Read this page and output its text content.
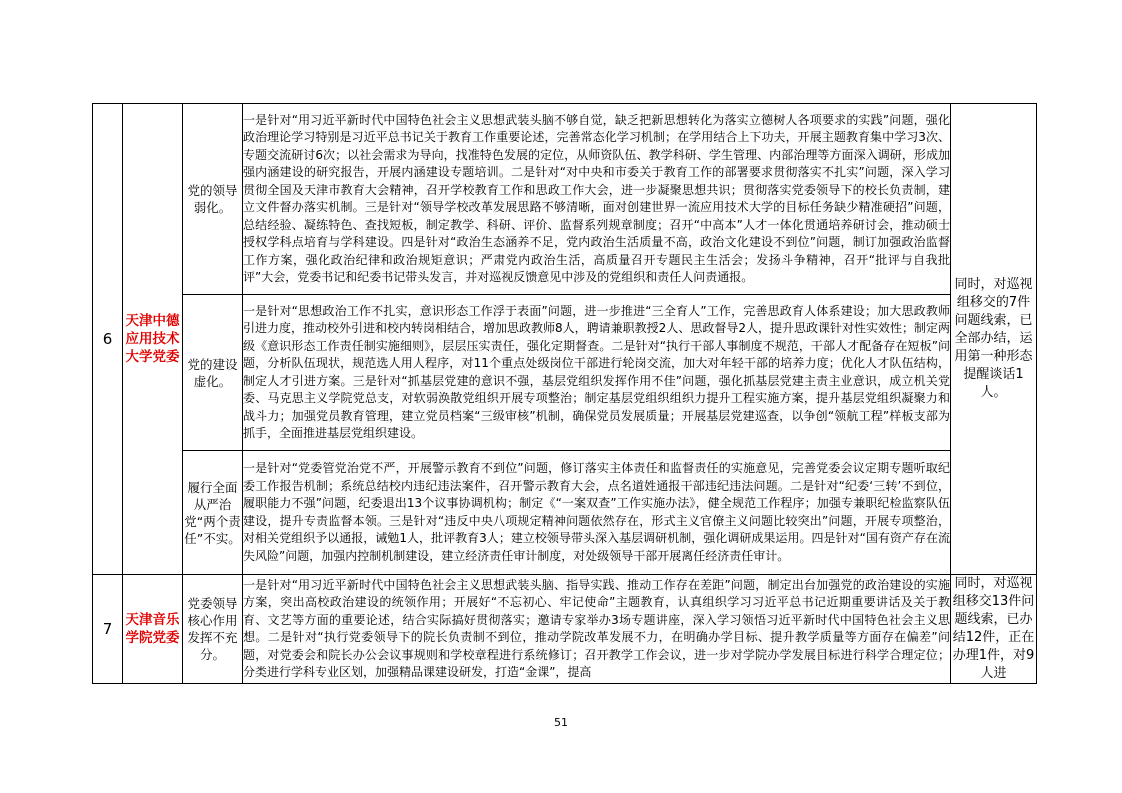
6	天津中德应用技术大学党委	党的领导弱化。	一是针对“用习近平新时代中国特色社会主义思想武装头脑不够自觉，缺乏把新思想转化为落实立德树人各项要求的实践”问题，强化政治理论学习特别是习近平总书记关于教育工作重要论述，完善常态化学习机制；在学用结合上下功夫，开展主题教育集中学习3次、专题交流研讨6次；以社会需求为导向，找准特色发展的定位，从师资队伍、教学科研、学生管理、内部治理等方面深入调研，形成加强内涵建设的研究报告，开展内涵建设专题培训。二是针对“对中央和市委关于教育工作的部署要求贯彻落实不扎实”问题，深入学习贯彻全国及天津市教育大会精神，召开学校教育工作和思政工作大会，进一步凝聚思想共识；贯彻落实党委领导下的校长负责制，建立文件督办落实机制。三是针对“领导学校改革发展思路不够清晰，面对创建世界一流应用技术大学的目标任务缺少精准硬招”问题，总结经验、凝练特色、查找短板，制定教学、科研、评价、监督系列规章制度；召开“中高本”人才一体化贯通培养研讨会，推动硕士授权学科点培育与学科建设。四是针对“政治生态涵养不足，党内政治生活质量不高，政治文化建设不到位”问题，制订加强政治监督工作方案，强化政治纪律和政治规矩意识；严肃党内政治生活，高质量召开专题民主生活会；发扬斗争精神，召开“批评与自我批评”大会，党委书记和纪委书记带头发言，并对巡视反馈意见中涉及的党组织和责任人问责通报。	同时，对巡视组移交的7件问题线索，已全部办结，运用第一种形态提醒谈话1人。
		党的建设虚化。	一是针对“思想政治工作不扎实，意识形态工作浮于表面”问题，进一步推进“三全育人”工作，完善思政育人体系建设；加大思政教师引进力度，推动校外引进和校内转岗相结合，增加思政教师8人，聘请兼职教授2人、思政督导2人，提升思政课针对性实效性；制定两级《意识形态工作责任制实施细则》，层层压实责任，强化定期督查。二是针对“执行干部人事制度不规范，干部人才配备存在短板”问题，分析队伍现状，规范选人用人程序，对11个重点处级岗位干部进行轮岗交流，加大对年轻干部的培养力度；优化人才队伍结构，制定人才引进方案。三是针对“抓基层党建的意识不强，基层党组织发挥作用不佳”问题，强化抓基层党建主责主业意识，成立机关党委、马克思主义学院党总支，对软弱涣散党组织开展专项整治；制定基层党组织组织力提升工程实施方案，提升基层党组织凝聚力和战斗力；加强党员教育管理，建立党员档案“三级审核”机制，确保党员发展质量；开展基层党建巡查，以争创“领航工程”样板支部为抓手，全面推进基层党组织建设。	
		履行全面从严治党“两个责任”不实。	一是针对“党委管党治党不严，开展警示教育不到位”问题，修订落实主体责任和监督责任的实施意见，完善党委会议定期专题听取纪委工作报告机制；系统总结校内违纪违法案件，召开警示教育大会，点名道姓通报干部违纪违法问题。二是针对“纪委‘三转’不到位，履职能力不强”问题，纪委退出13个议事协调机构；制定《“一案双查”工作实施办法》，健全规范工作程序；加强专兼职纪检监察队伍建设，提升专责监督本领。三是针对“违反中央八项规定精神问题依然存在，形式主义官僚主义问题比较突出”问题，开展专项整治，对相关党组织予以通报，诫勉1人，批评教育3人；建立校领导带头深入基层调研机制，强化调研成果运用。四是针对“国有资产存在流失风险”问题，加强内控制机制建设，建立经济责任审计制度，对处级领导干部开展离任经济责任审计。	
7	天津音乐学院党委	党委领导核心作用发挥不充分。	一是针对“用习近平新时代中国特色社会主义思想武装头脑、指导实践、推动工作存在差距”问题，制定出台加强党的政治建设的实施方案，突出高校政治建设的统领作用；开展好“不忘初心、牢记使命”主题教育，认真组织学习习近平总书记近期重要讲话及关于教育、文艺等方面的重要论述，结合实际搞好贯彻落实；邀请专家举办3场专题讲座，深入学习领悟习近平新时代中国特色社会主义思想。二是针对“执行党委领导下的院长负责制不到位，推动学院改革发展不力，在明确办学目标、提升教学质量等方面存在偏差”问题，对党委会和院长办公会议事规则和学校章程进行系统修订；召开教学工作会议，进一步对学院办学发展目标进行科学合理定位；分类进行学科专业区划，加强精品课建设研发，打造“金课”，提高	同时，对巡视组移交13件问题线索，已办结12件，正在办理1件，对9人进
51
